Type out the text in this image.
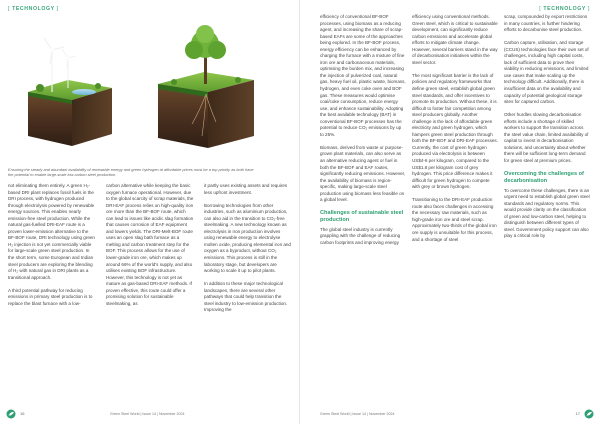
[ TECHNOLOGY ]
Ensuring the steady and abundant availability of renewable energy and green hydrogen at affordable prices must be a top priority as both have the potential to enable large-scale low-carbon steel production.

not eliminating them entirely. A green H₂-based DRI plant replaces fossil fuels in the DRI process, with hydrogen produced through electrolysis powered by renewable energy sources. This enables nearly emission-free steel production. While the natural gas-fuelled DRI-EAF route is a proven lower-emission alternative to the BF-BOF route, DRI technology using green H₂ injection is not yet commercially viable for large-scale green steel production. In the short term, some European and Indian steel producers are exploring the blending of H₂ with natural gas in DRI plants as a transitional approach.

A third potential pathway for reducing emissions in primary steel production is to replace the blast furnace with a low-

carbon alternative while keeping the basic oxygen furnace operational. However, due to the global scarcity of scrap materials, the DRI-EAF process relies on high-quality iron ore more than the BF-BOF route, which can lead to issues like acidic slag formation that causes corrosion of EAF equipment and lowers yields. The DRI-Melt-BOF route uses an open slag bath furnace as a melting and carbon treatment step for the BOF. This process allows for the use of lower-grade iron ore, which makes up around 66% of the world's supply, and also utilises existing BOF infrastructure. However, this technology is not yet as mature as gas-based DRI-EAF methods. If proven effective, this route could offer a promising solution for sustainable steelmaking, as

it partly uses existing assets and requires less upfront investment.

Borrowing technologies from other industries, such as aluminium production, can also aid in the transition to CO₂-free steelmaking. A new technology known as electrolysis in iron production involves using renewable energy to electrolyse molten oxide, producing elemental iron and oxygen as a byproduct, without CO₂ emissions. This process is still in the laboratory stage, but developers are working to scale it up to pilot plants.

In addition to these major technological landscapes, there are several other pathways that could help transition the steel industry to low-emission production. Improving the

16	Green Steel World | Issue 14 | November 2024
[ TECHNOLOGY ]

efficiency of conventional BF-BOF processes, using biomass as a reducing agent, and increasing the share of scrap-based EAFs are some of the approaches being explored. In the BF-BOF process, energy efficiency can be enhanced by charging the furnace with a mixture of fine iron ore and carbonaceous materials, optimising the burden mix, and increasing the injection of pulverized coal, natural gas, heavy fuel oil, plastic waste, biomass, hydrogen, and even coke oven and BOF gas. These measures would optimise coal/coke consumption, reduce energy use, and enhance sustainability. Adopting the best available technology (BAT) in conventional BF-BOF processes has the potential to reduce CO₂ emissions by up to 25%.

Biomass, derived from waste or purpose-grown plant materials, can also serve as an alternative reducing agent or fuel in both the BF-BOF and EAF routes, significantly reducing emissions. However, the availability of biomass is region-specific, making large-scale steel production using biomass less feasible on a global level.

Challenges of sustainable steel production

The global steel industry is currently grappling with the challenge of reducing carbon footprints and improving energy

efficiency using conventional methods. Green steel, which is critical to sustainable development, can significantly reduce carbon emissions and accelerate global efforts to mitigate climate change. However, several barriers stand in the way of decarbonisation initiatives within the steel sector.

The most significant barrier is the lack of policies and regulatory frameworks that define green steel, establish global green steel standards, and offer incentives to promote its production. Without these, it is difficult to foster fair competition among steel producers globally. Another challenge is the lack of affordable green electricity and green hydrogen, which hampers green steel production through both the BF-BOF and DRI-EAF processes. Currently, the cost of green hydrogen produced via electrolysis is between US$4-6 per kilogram, compared to the US$1.8 per kilogram cost of grey hydrogen. This price difference makes it difficult for green hydrogen to compete with grey or brown hydrogen.

Transitioning to the DRI-EAF production route also faces challenges in accessing the necessary raw materials, such as high-grade iron ore and steel scrap. Approximately two-thirds of the global iron ore supply is unsuitable for this process, and a shortage of steel

scrap, compounded by export restrictions in many countries, is further hindering efforts to decarbonise steel production.

Carbon capture, utilisation, and storage (CCUS) technologies face their own set of challenges, including high capital costs, lack of sufficient data to prove their viability in reducing emissions, and limited use cases that make scaling up the technology difficult. Additionally, there is insufficient data on the availability and capacity of potential geological storage sites for captured carbon.

Other hurdles slowing decarbonisation efforts include a shortage of skilled workers to support the transition across the steel value chain, limited availability of capital to invest in decarbonisation solutions, and uncertainty about whether there will be sufficient long-term demand for green steel at premium prices.

Overcoming the challenges of decarbonisation

To overcome these challenges, there is an urgent need to establish global green steel standards and regulatory norms. This would provide clarity on the classification of green and low-carbon steel, helping to distinguish between different types of steel. Government policy support can also play a critical role by

Green Steel World | Issue 14 | November 2024	17
